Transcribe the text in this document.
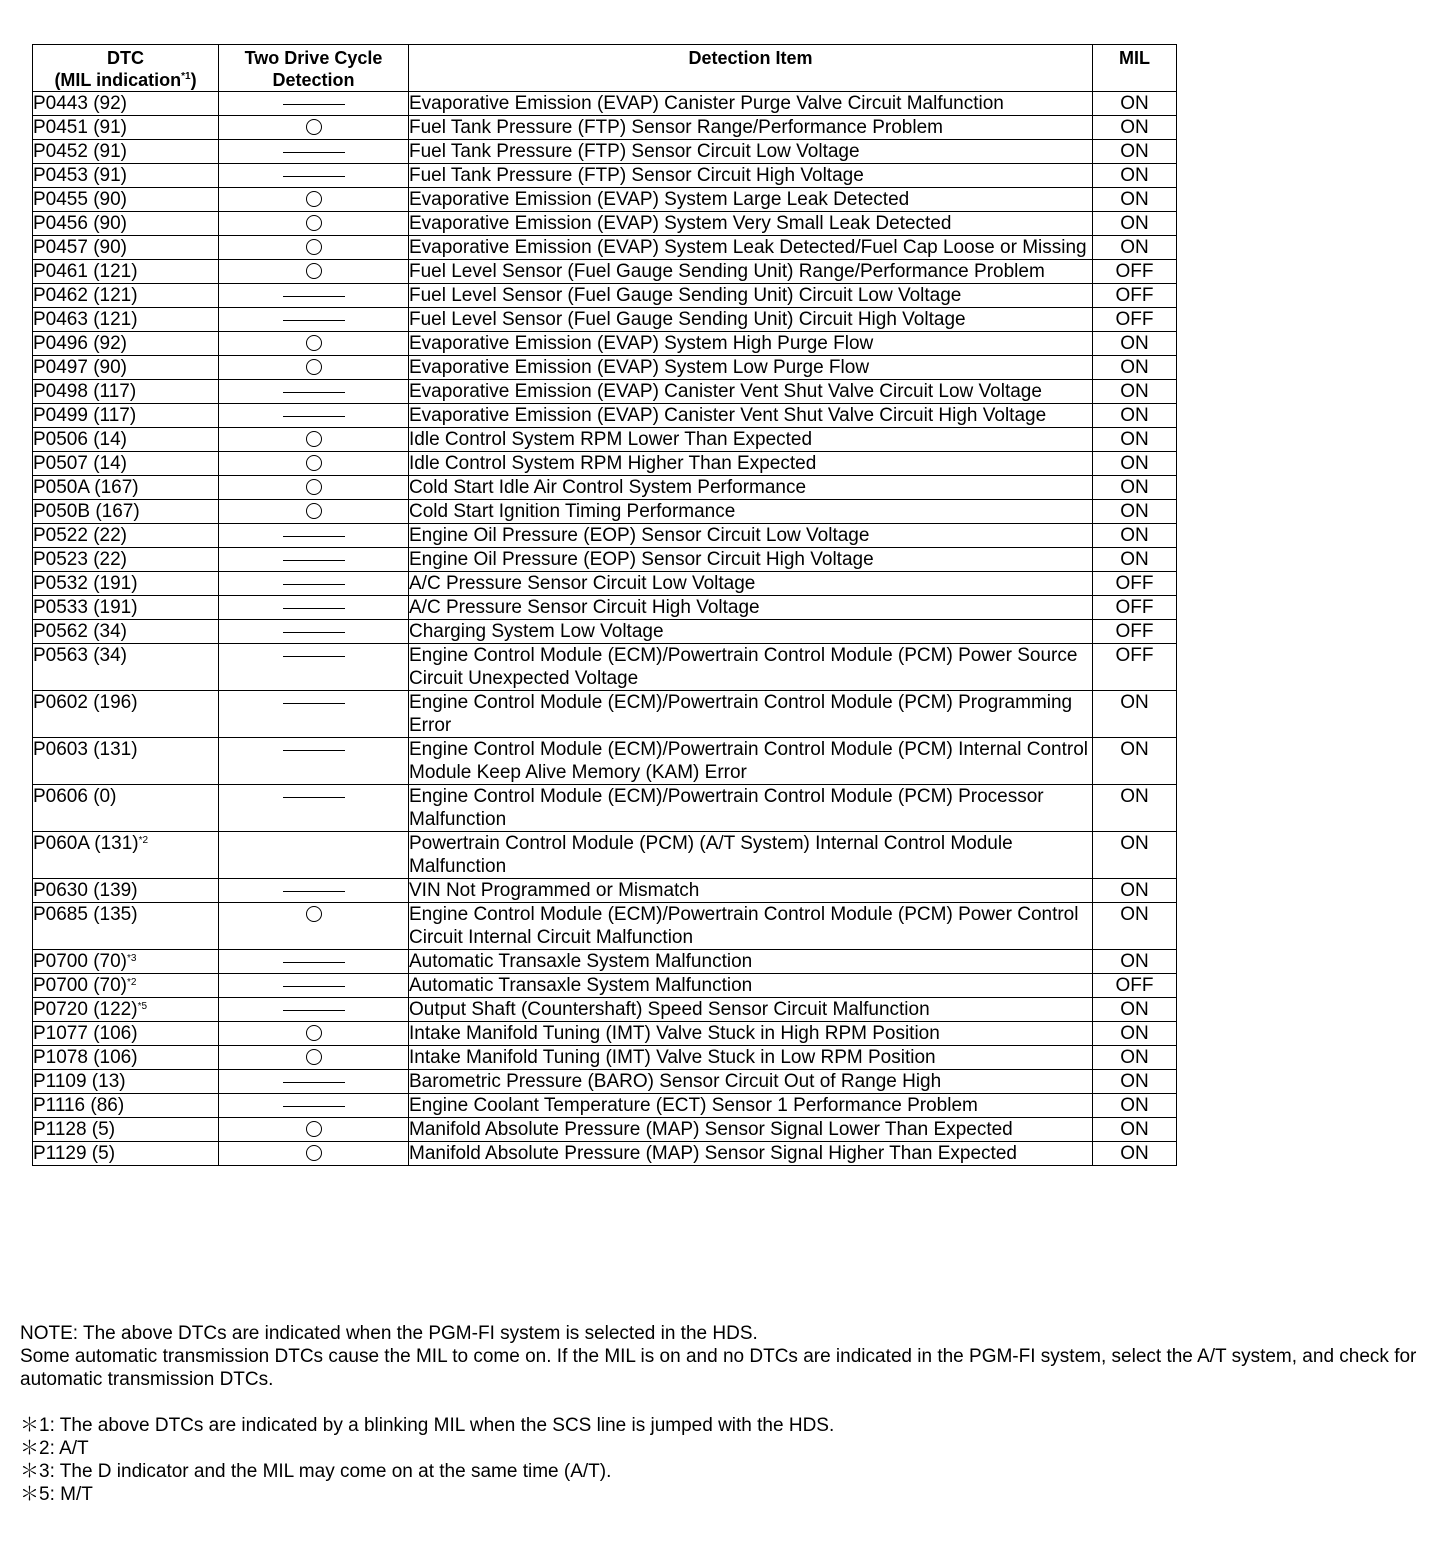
DTC
(MIL indication$^{*1}$)	Two Drive Cycle Detection	Detection Item	MIL
P0443 (92)		Evaporative Emission (EVAP) Canister Purge Valve Circuit Malfunction	ON
P0451 (91)		Fuel Tank Pressure (FTP) Sensor Range/Performance Problem	ON
P0452 (91)		Fuel Tank Pressure (FTP) Sensor Circuit Low Voltage	ON
P0453 (91)		Fuel Tank Pressure (FTP) Sensor Circuit High Voltage	ON
P0455 (90)		Evaporative Emission (EVAP) System Large Leak Detected	ON
P0456 (90)		Evaporative Emission (EVAP) System Very Small Leak Detected	ON
P0457 (90)		Evaporative Emission (EVAP) System Leak Detected/Fuel Cap Loose or Missing	ON
P0461 (121)		Fuel Level Sensor (Fuel Gauge Sending Unit) Range/Performance Problem	OFF
P0462 (121)		Fuel Level Sensor (Fuel Gauge Sending Unit) Circuit Low Voltage	OFF
P0463 (121)		Fuel Level Sensor (Fuel Gauge Sending Unit) Circuit High Voltage	OFF
P0496 (92)		Evaporative Emission (EVAP) System High Purge Flow	ON
P0497 (90)		Evaporative Emission (EVAP) System Low Purge Flow	ON
P0498 (117)		Evaporative Emission (EVAP) Canister Vent Shut Valve Circuit Low Voltage	ON
P0499 (117)		Evaporative Emission (EVAP) Canister Vent Shut Valve Circuit High Voltage	ON
P0506 (14)		Idle Control System RPM Lower Than Expected	ON
P0507 (14)		Idle Control System RPM Higher Than Expected	ON
P050A (167)		Cold Start Idle Air Control System Performance	ON
P050B (167)		Cold Start Ignition Timing Performance	ON
P0522 (22)		Engine Oil Pressure (EOP) Sensor Circuit Low Voltage	ON
P0523 (22)		Engine Oil Pressure (EOP) Sensor Circuit High Voltage	ON
P0532 (191)		A/C Pressure Sensor Circuit Low Voltage	OFF
P0533 (191)		A/C Pressure Sensor Circuit High Voltage	OFF
P0562 (34)		Charging System Low Voltage	OFF
P0563 (34)		Engine Control Module (ECM)/Powertrain Control Module (PCM) Power Source Circuit Unexpected Voltage	OFF
P0602 (196)		Engine Control Module (ECM)/Powertrain Control Module (PCM) Programming Error	ON
P0603 (131)		Engine Control Module (ECM)/Powertrain Control Module (PCM) Internal Control Module Keep Alive Memory (KAM) Error	ON
P0606 (0)		Engine Control Module (ECM)/Powertrain Control Module (PCM) Processor Malfunction	ON
P060A $(131)^{*2}$		Powertrain Control Module (PCM) (A/T System) Internal Control Module Malfunction	ON
P0630 (139)		VIN Not Programmed or Mismatch	ON
P0685 (135)		Engine Control Module (ECM)/Powertrain Control Module (PCM) Power Control Circuit Internal Circuit Malfunction	ON
P0700 $(70)^{*3}$		Automatic Transaxle System Malfunction	ON
P0700 $(70)^{*2}$		Automatic Transaxle System Malfunction	OFF
P0720 $(122)^{*5}$		Output Shaft (Countershaft) Speed Sensor Circuit Malfunction	ON
P1077 (106)		Intake Manifold Tuning (IMT) Valve Stuck in High RPM Position	ON
P1078 (106)		Intake Manifold Tuning (IMT) Valve Stuck in Low RPM Position	ON
P1109 (13)		Barometric Pressure (BARO) Sensor Circuit Out of Range High	ON
P1116 (86)		Engine Coolant Temperature (ECT) Sensor 1 Performance Problem	ON
P1128 (5)		Manifold Absolute Pressure (MAP) Sensor Signal Lower Than Expected	ON
P1129 (5)		Manifold Absolute Pressure (MAP) Sensor Signal Higher Than Expected	ON

NOTE: The above DTCs are indicated when the PGM-FI system is selected in the HDS.

Some automatic transmission DTCs cause the MIL to come on. If the MIL is on and no DTCs are indicated in the PGM-FI system, select the A/T system, and check for automatic transmission DTCs.

＊1: The above DTCs are indicated by a blinking MIL when the SCS line is jumped with the HDS.
＊2: A/T
＊3: The D indicator and the MIL may come on at the same time (A/T).
＊5: M/T
